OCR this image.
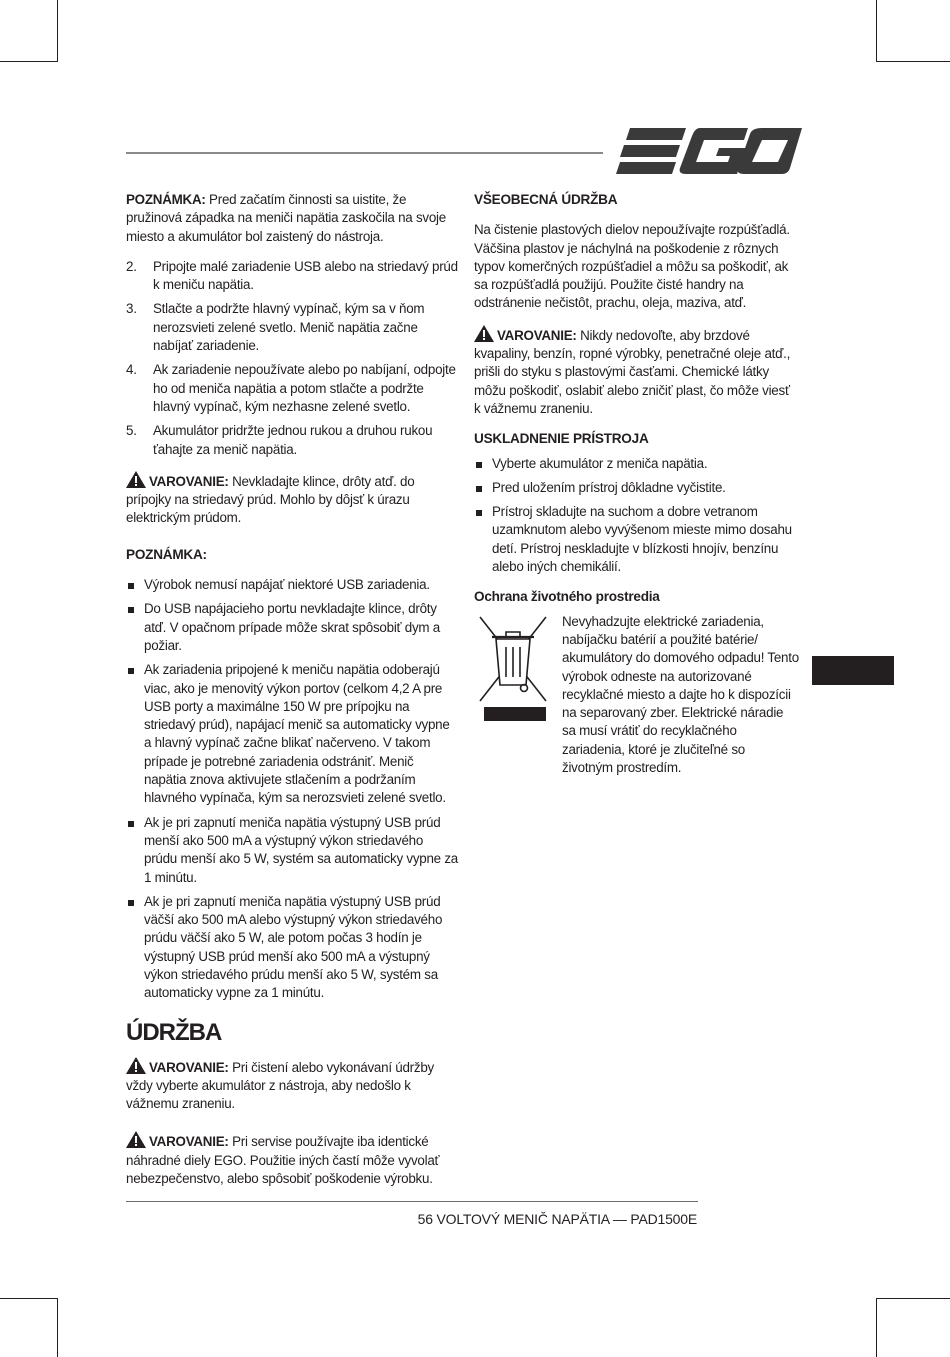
POZNÁMKA: Pred začatím činnosti sa uistite, že pružinová západka na meniči napätia zaskočila na svoje miesto a akumulátor bol zaistený do nástroja.

2. Pripojte malé zariadenie USB alebo na striedavý prúd k meniču napätia.
3. Stlačte a podržte hlavný vypínač, kým sa v ňom nerozsvieti zelené svetlo. Menič napätia začne nabíjať zariadenie.
4. Ak zariadenie nepoužívate alebo po nabíjaní, odpojte ho od meniča napätia a potom stlačte a podržte hlavný vypínač, kým nezhasne zelené svetlo.
5. Akumulátor pridržte jednou rukou a druhou rukou ťahajte za menič napätia.

VAROVANIE: Nevkladajte klince, drôty atď. do prípojky na striedavý prúd. Mohlo by dôjsť k úrazu elektrickým prúdom.

POZNÁMKA:

Výrobok nemusí napájať niektoré USB zariadenia.
Do USB napájacieho portu nevkladajte klince, drôty atď. V opačnom prípade môže skrat spôsobiť dym a požiar.
Ak zariadenia pripojené k meniču napätia odoberajú viac, ako je menovitý výkon portov (celkom 4,2 A pre USB porty a maximálne 150 W pre prípojku na striedavý prúd), napájací menič sa automaticky vypne a hlavný vypínač začne blikať načerveno. V takom prípade je potrebné zariadenia odstrániť. Menič napätia znova aktivujete stlačením a podržaním hlavného vypínača, kým sa nerozsvieti zelené svetlo.
Ak je pri zapnutí meniča napätia výstupný USB prúd menší ako 500 mA a výstupný výkon striedavého prúdu menší ako 5 W, systém sa automaticky vypne za 1 minútu.
Ak je pri zapnutí meniča napätia výstupný USB prúd väčší ako 500 mA alebo výstupný výkon striedavého prúdu väčší ako 5 W, ale potom počas 3 hodín je výstupný USB prúd menší ako 500 mA a výstupný výkon striedavého prúdu menší ako 5 W, systém sa automaticky vypne za 1 minútu.

ÚDRŽBA

VAROVANIE: Pri čistení alebo vykonávaní údržby vždy vyberte akumulátor z nástroja, aby nedošlo k vážnemu zraneniu.

VAROVANIE: Pri servise používajte iba identické náhradné diely EGO. Použitie iných častí môže vyvolať nebezpečenstvo, alebo spôsobiť poškodenie výrobku.

VŠEOBECNÁ ÚDRŽBA

Na čistenie plastových dielov nepoužívajte rozpúšťadlá. Väčšina plastov je náchylná na poškodenie z rôznych typov komerčných rozpúšťadiel a môžu sa poškodiť, ak sa rozpúšťadlá použijú. Použite čisté handry na odstránenie nečistôt, prachu, oleja, maziva, atď.

VAROVANIE: Nikdy nedovoľte, aby brzdové kvapaliny, benzín, ropné výrobky, penetračné oleje atď., prišli do styku s plastovými časťami. Chemické látky môžu poškodiť, oslabiť alebo zničiť plast, čo môže viesť k vážnemu zraneniu.

USKLADNENIE PRÍSTROJA

Vyberte akumulátor z meniča napätia.
Pred uložením prístroj dôkladne vyčistite.
Prístroj skladujte na suchom a dobre vetranom uzamknutom alebo vyvýšenom mieste mimo dosahu detí. Prístroj neskladujte v blízkosti hnojív, benzínu alebo iných chemikálií.

Ochrana životného prostredia

Nevyhadzujte elektrické zariadenia, nabíjačku batérií a použité batérie/ akumulátory do domového odpadu! Tento výrobok odneste na autorizované recyklačné miesto a dajte ho k dispozícii na separovaný zber. Elektrické náradie sa musí vrátiť do recyklačného zariadenia, ktoré je zlučiteľné so životným prostredím.

56 VOLTOVÝ MENIČ NAPÄTIA — PAD1500E
